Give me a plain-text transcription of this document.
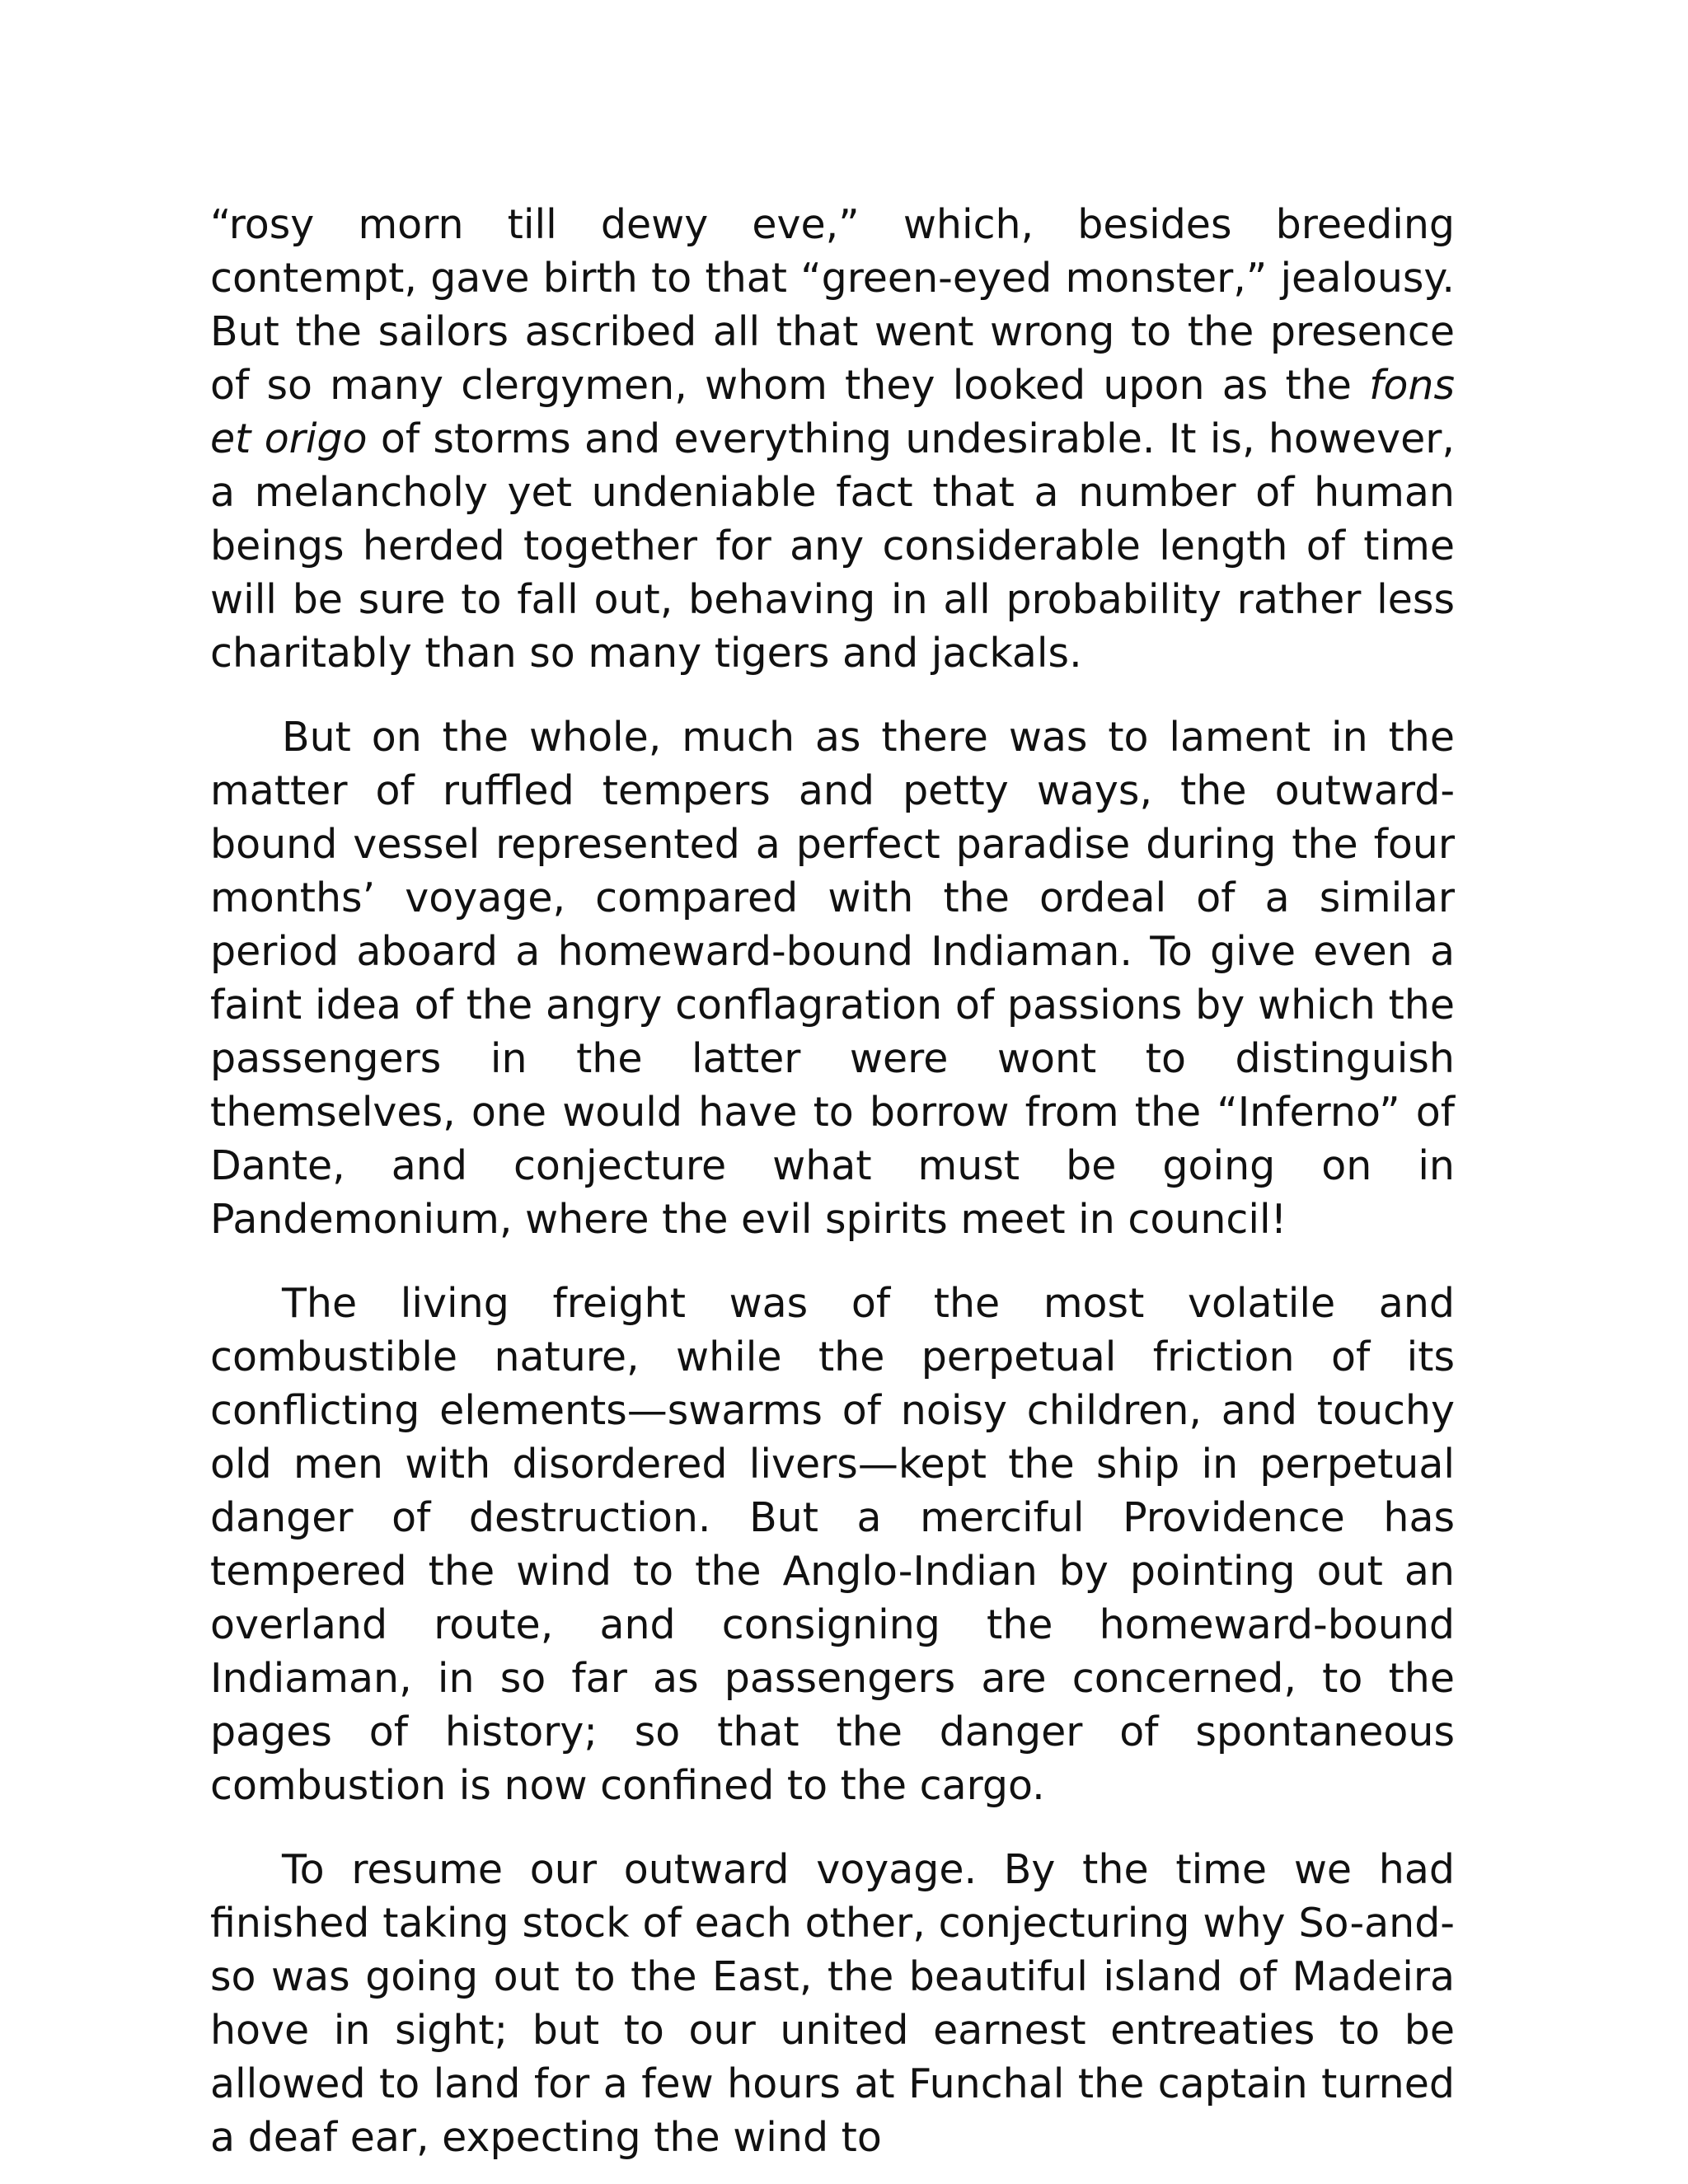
“rosy morn till dewy eve,” which, besides breeding contempt, gave birth to that “green-eyed monster,” jealousy. But the sailors ascribed all that went wrong to the presence of so many clergymen, whom they looked upon as the fons et origo of storms and everything undesirable. It is, however, a melancholy yet undeniable fact that a number of human beings herded together for any considerable length of time will be sure to fall out, behaving in all probability rather less charitably than so many tigers and jackals.

But on the whole, much as there was to lament in the matter of ruffled tempers and petty ways, the outward-bound vessel represented a perfect paradise during the four months’ voyage, compared with the ordeal of a similar period aboard a homeward-bound Indiaman. To give even a faint idea of the angry conflagration of passions by which the passengers in the latter were wont to distinguish themselves, one would have to borrow from the “Inferno” of Dante, and conjecture what must be going on in Pandemonium, where the evil spirits meet in council!

The living freight was of the most volatile and combustible nature, while the perpetual friction of its conflicting elements—swarms of noisy children, and touchy old men with disordered livers—kept the ship in perpetual danger of destruction. But a merciful Providence has tempered the wind to the Anglo-Indian by pointing out an overland route, and consigning the homeward-bound Indiaman, in so far as passengers are concerned, to the pages of history; so that the danger of spontaneous combustion is now confined to the cargo.

To resume our outward voyage. By the time we had finished taking stock of each other, conjecturing why So-and-so was going out to the East, the beautiful island of Madeira hove in sight; but to our united earnest entreaties to be allowed to land for a few hours at Funchal the captain turned a deaf ear, expecting the wind to
